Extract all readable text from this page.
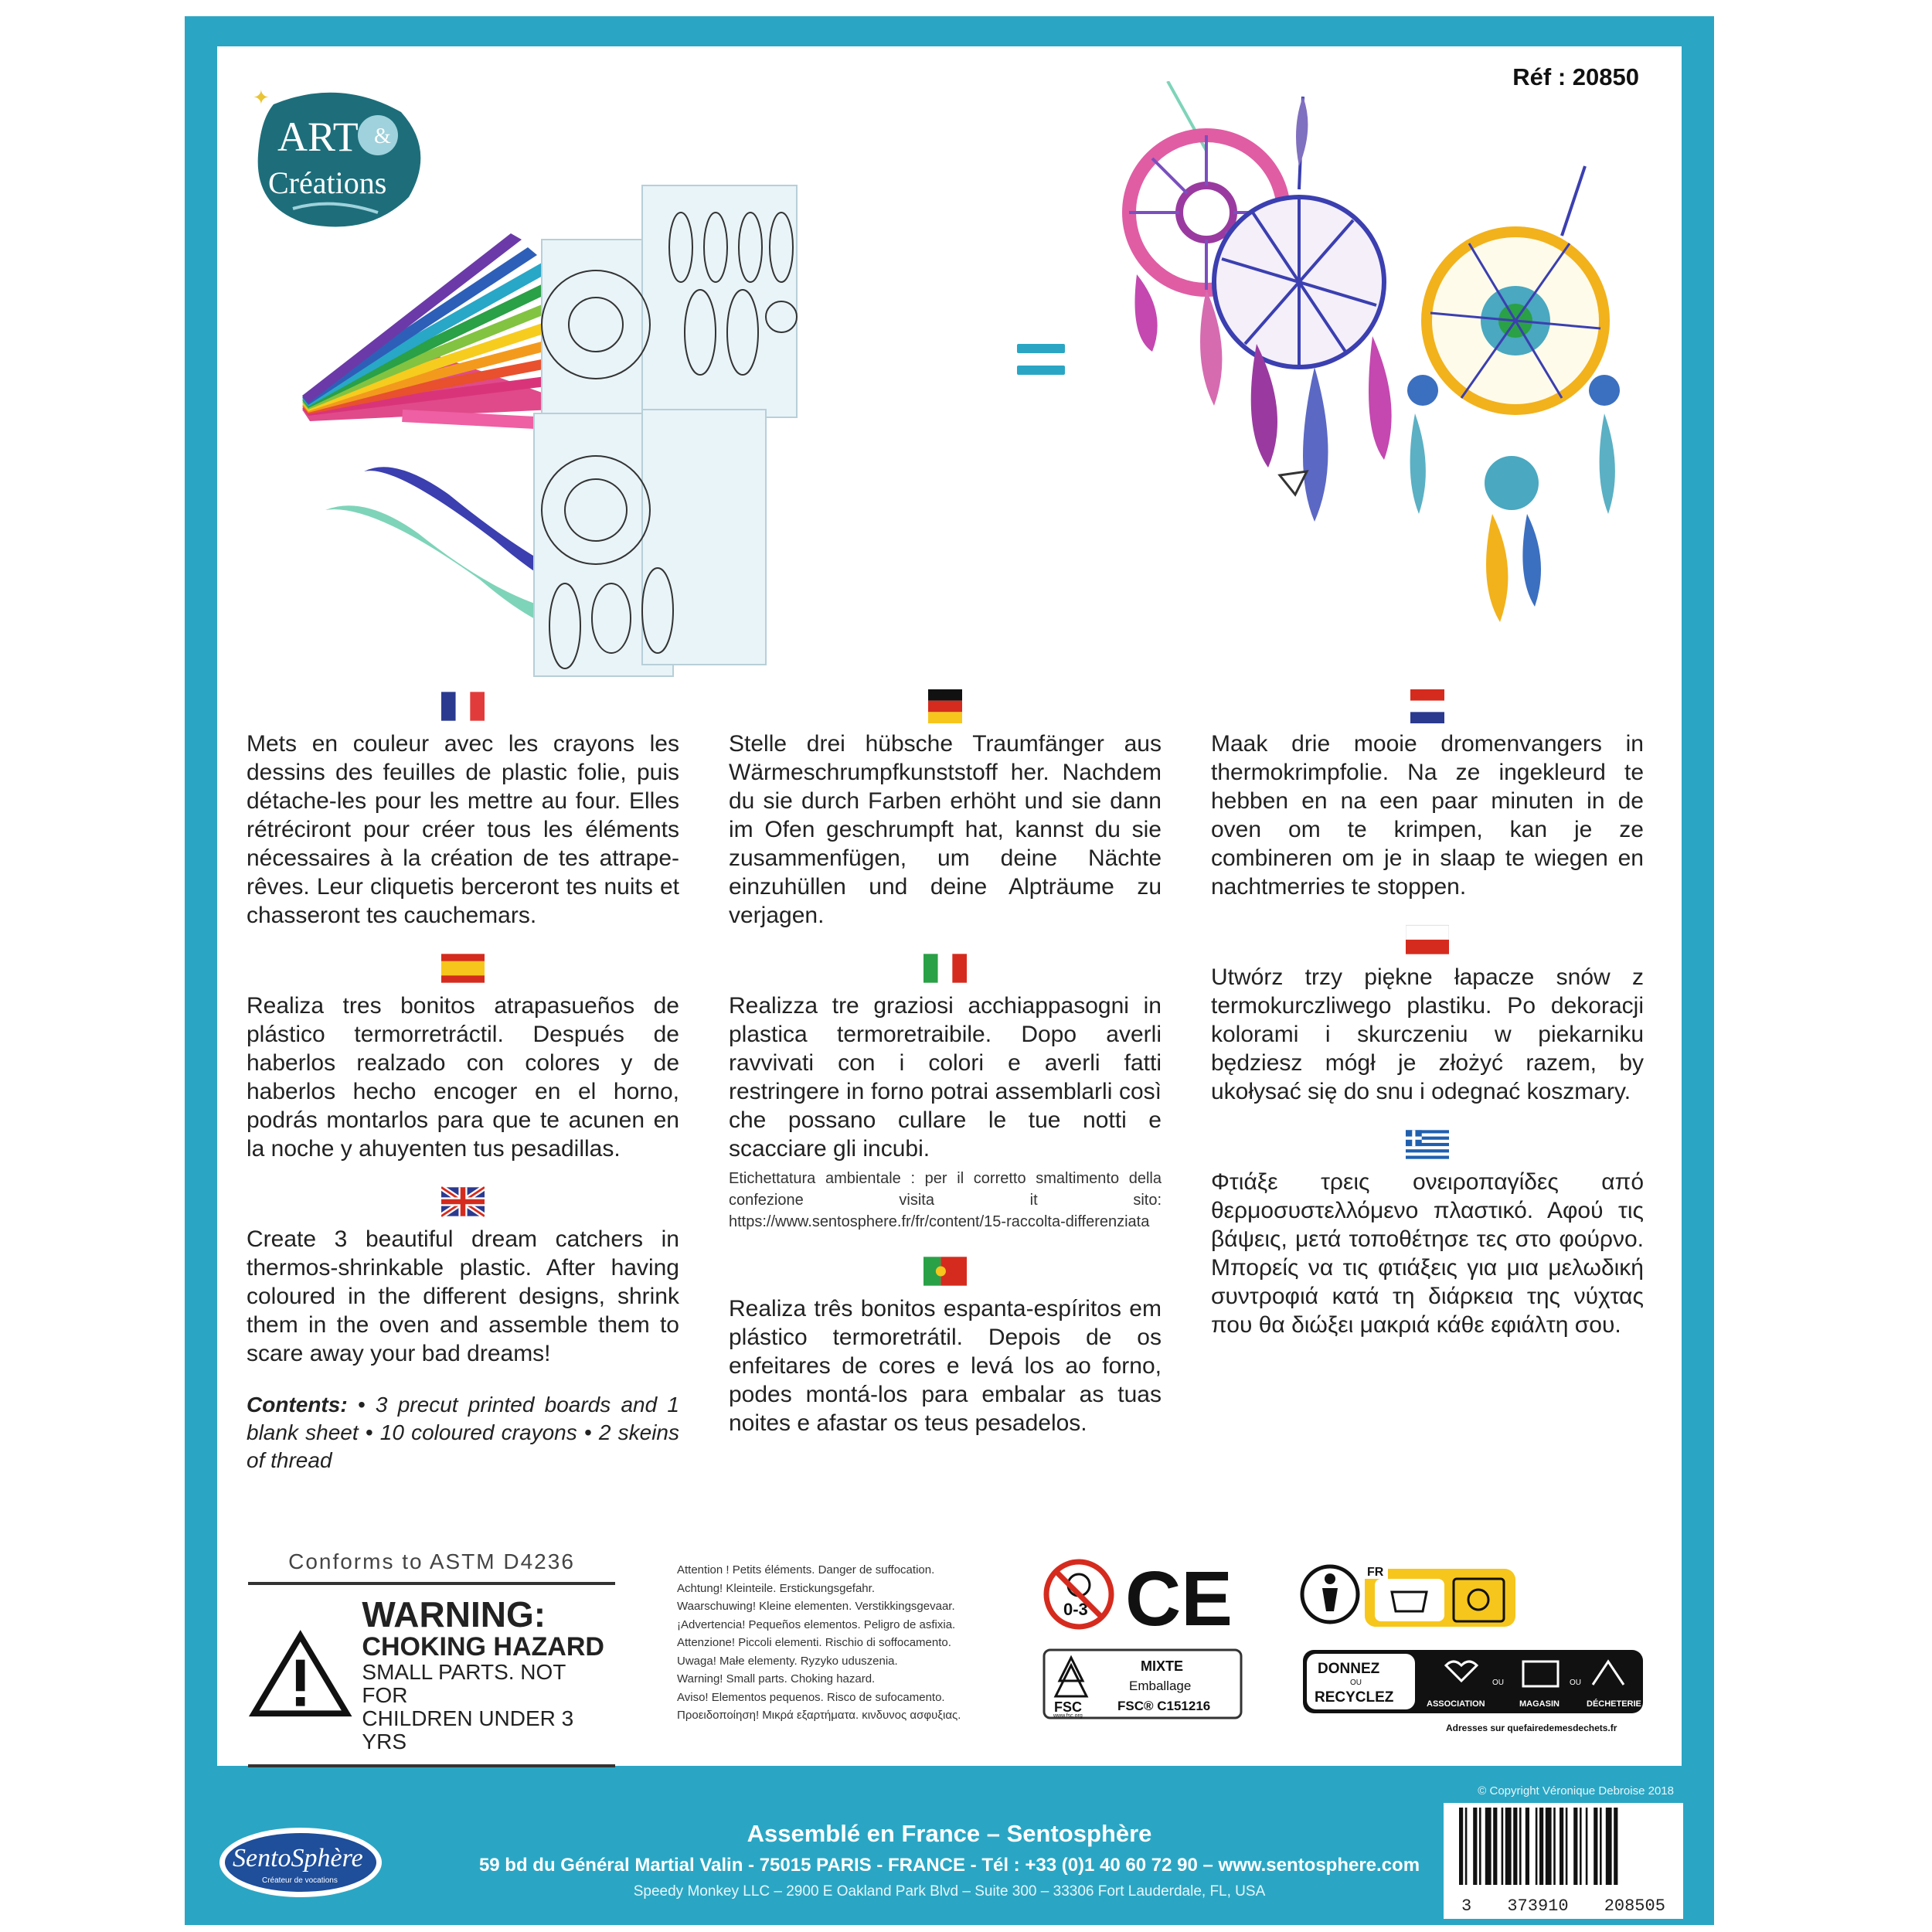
Réf : 20850
&
ART
Créations
✦

Mets en couleur avec les crayons les dessins des feuilles de plastic folie, puis détache-les pour les mettre au four. Elles rétréciront pour créer tous les éléments nécessaires à la création de tes attrape-rêves. Leur cliquetis berceront tes nuits et chasseront tes cauchemars.

Realiza tres bonitos atrapasueños de plástico termorretráctil. Después de haberlos realzado con colores y de haberlos hecho encoger en el horno, podrás montarlos para que te acunen en la noche y ahuyenten tus pesadillas.

Create 3 beautiful dream catchers in thermos-shrinkable plastic. After having coloured in the different designs, shrink them in the oven and assemble them to scare away your bad dreams!

Contents: • 3 precut printed boards and 1 blank sheet • 10 coloured crayons • 2 skeins of thread

Stelle drei hübsche Traumfänger aus Wärmeschrumpfkunststoff her. Nachdem du sie durch Farben erhöht und sie dann im Ofen geschrumpft hat, kannst du sie zusammenfügen, um deine Nächte einzuhüllen und deine Alpträume zu verjagen.

Realizza tre graziosi acchiappasogni in plastica termoretraibile. Dopo averli ravvivati con i colori e averli fatti restringere in forno potrai assemblarli così che possano cullare le tue notti e scacciare gli incubi.

Etichettatura ambientale : per il corretto smaltimento della confezione visita it sito: https://www.sentosphere.fr/fr/content/15-raccolta-differenziata

Realiza três bonitos espanta-espíritos em plástico termoretrátil. Depois de os enfeitares de cores e levá los ao forno, podes montá-los para embalar as tuas noites e afastar os teus pesadelos.

Maak drie mooie dromenvangers in thermokrimpfolie. Na ze ingekleurd te hebben en na een paar minuten in de oven om te krimpen, kan je ze combineren om je in slaap te wiegen en nachtmerries te stoppen.

Utwórz trzy piękne łapacze snów z termokurczliwego plastiku. Po dekoracji kolorami i skurczeniu w piekarniku będziesz mógł je złożyć razem, by ukołysać się do snu i odegnać koszmary.

Φτιάξε τρεις ονειροπαγίδες από θερμοσυστελλόμενο πλαστικό. Αφού τις βάψεις, μετά τοποθέτησε τες στο φούρνο. Μπορείς να τις φτιάξεις για μια μελωδική συντροφιά κατά τη διάρκεια της νύχτας που θα διώξει μακριά κάθε εφιάλτη σου.

Conforms to ASTM D4236
WARNING:
CHOKING HAZARD
SMALL PARTS. NOT FOR
CHILDREN UNDER 3 YRS
Attention ! Petits éléments. Danger de suffocation.
Achtung! Kleinteile. Erstickungsgefahr.
Waarschuwing! Kleine elementen. Verstikkingsgevaar.
¡Advertencia! Pequeños elementos. Peligro de asfixia.
Attenzione! Piccoli elementi. Rischio di soffocamento.
Uwaga! Małe elementy. Ryzyko uduszenia.
Warning! Small parts. Choking hazard.
Aviso! Elementos pequenos. Risco de sufocamento.
Προειδοποίηση! Μικρά εξαρτήματα. κινδυνος ασφυξιας.
0-3 CE
FSC
www.fsc.org
MIXTE
Emballage
FSC® C151216
FR
DONNEZ
OU
RECYCLEZ	ASSOCIATION
OU
MAGASIN
OU
DÉCHETERIE
Adresses sur quefairedemesdechets.fr
SentoSphère
Créateur de vocations
Assemblé en France – Sentosphère
59 bd du Général Martial Valin - 75015 PARIS - FRANCE - Tél : +33 (0)1 40 60 72 90 – www.sentosphere.com
Speedy Monkey LLC – 2900 E Oakland Park Blvd – Suite 300 – 33306 Fort Lauderdale, FL, USA
© Copyright Véronique Debroise 2018
3 373910 208505
